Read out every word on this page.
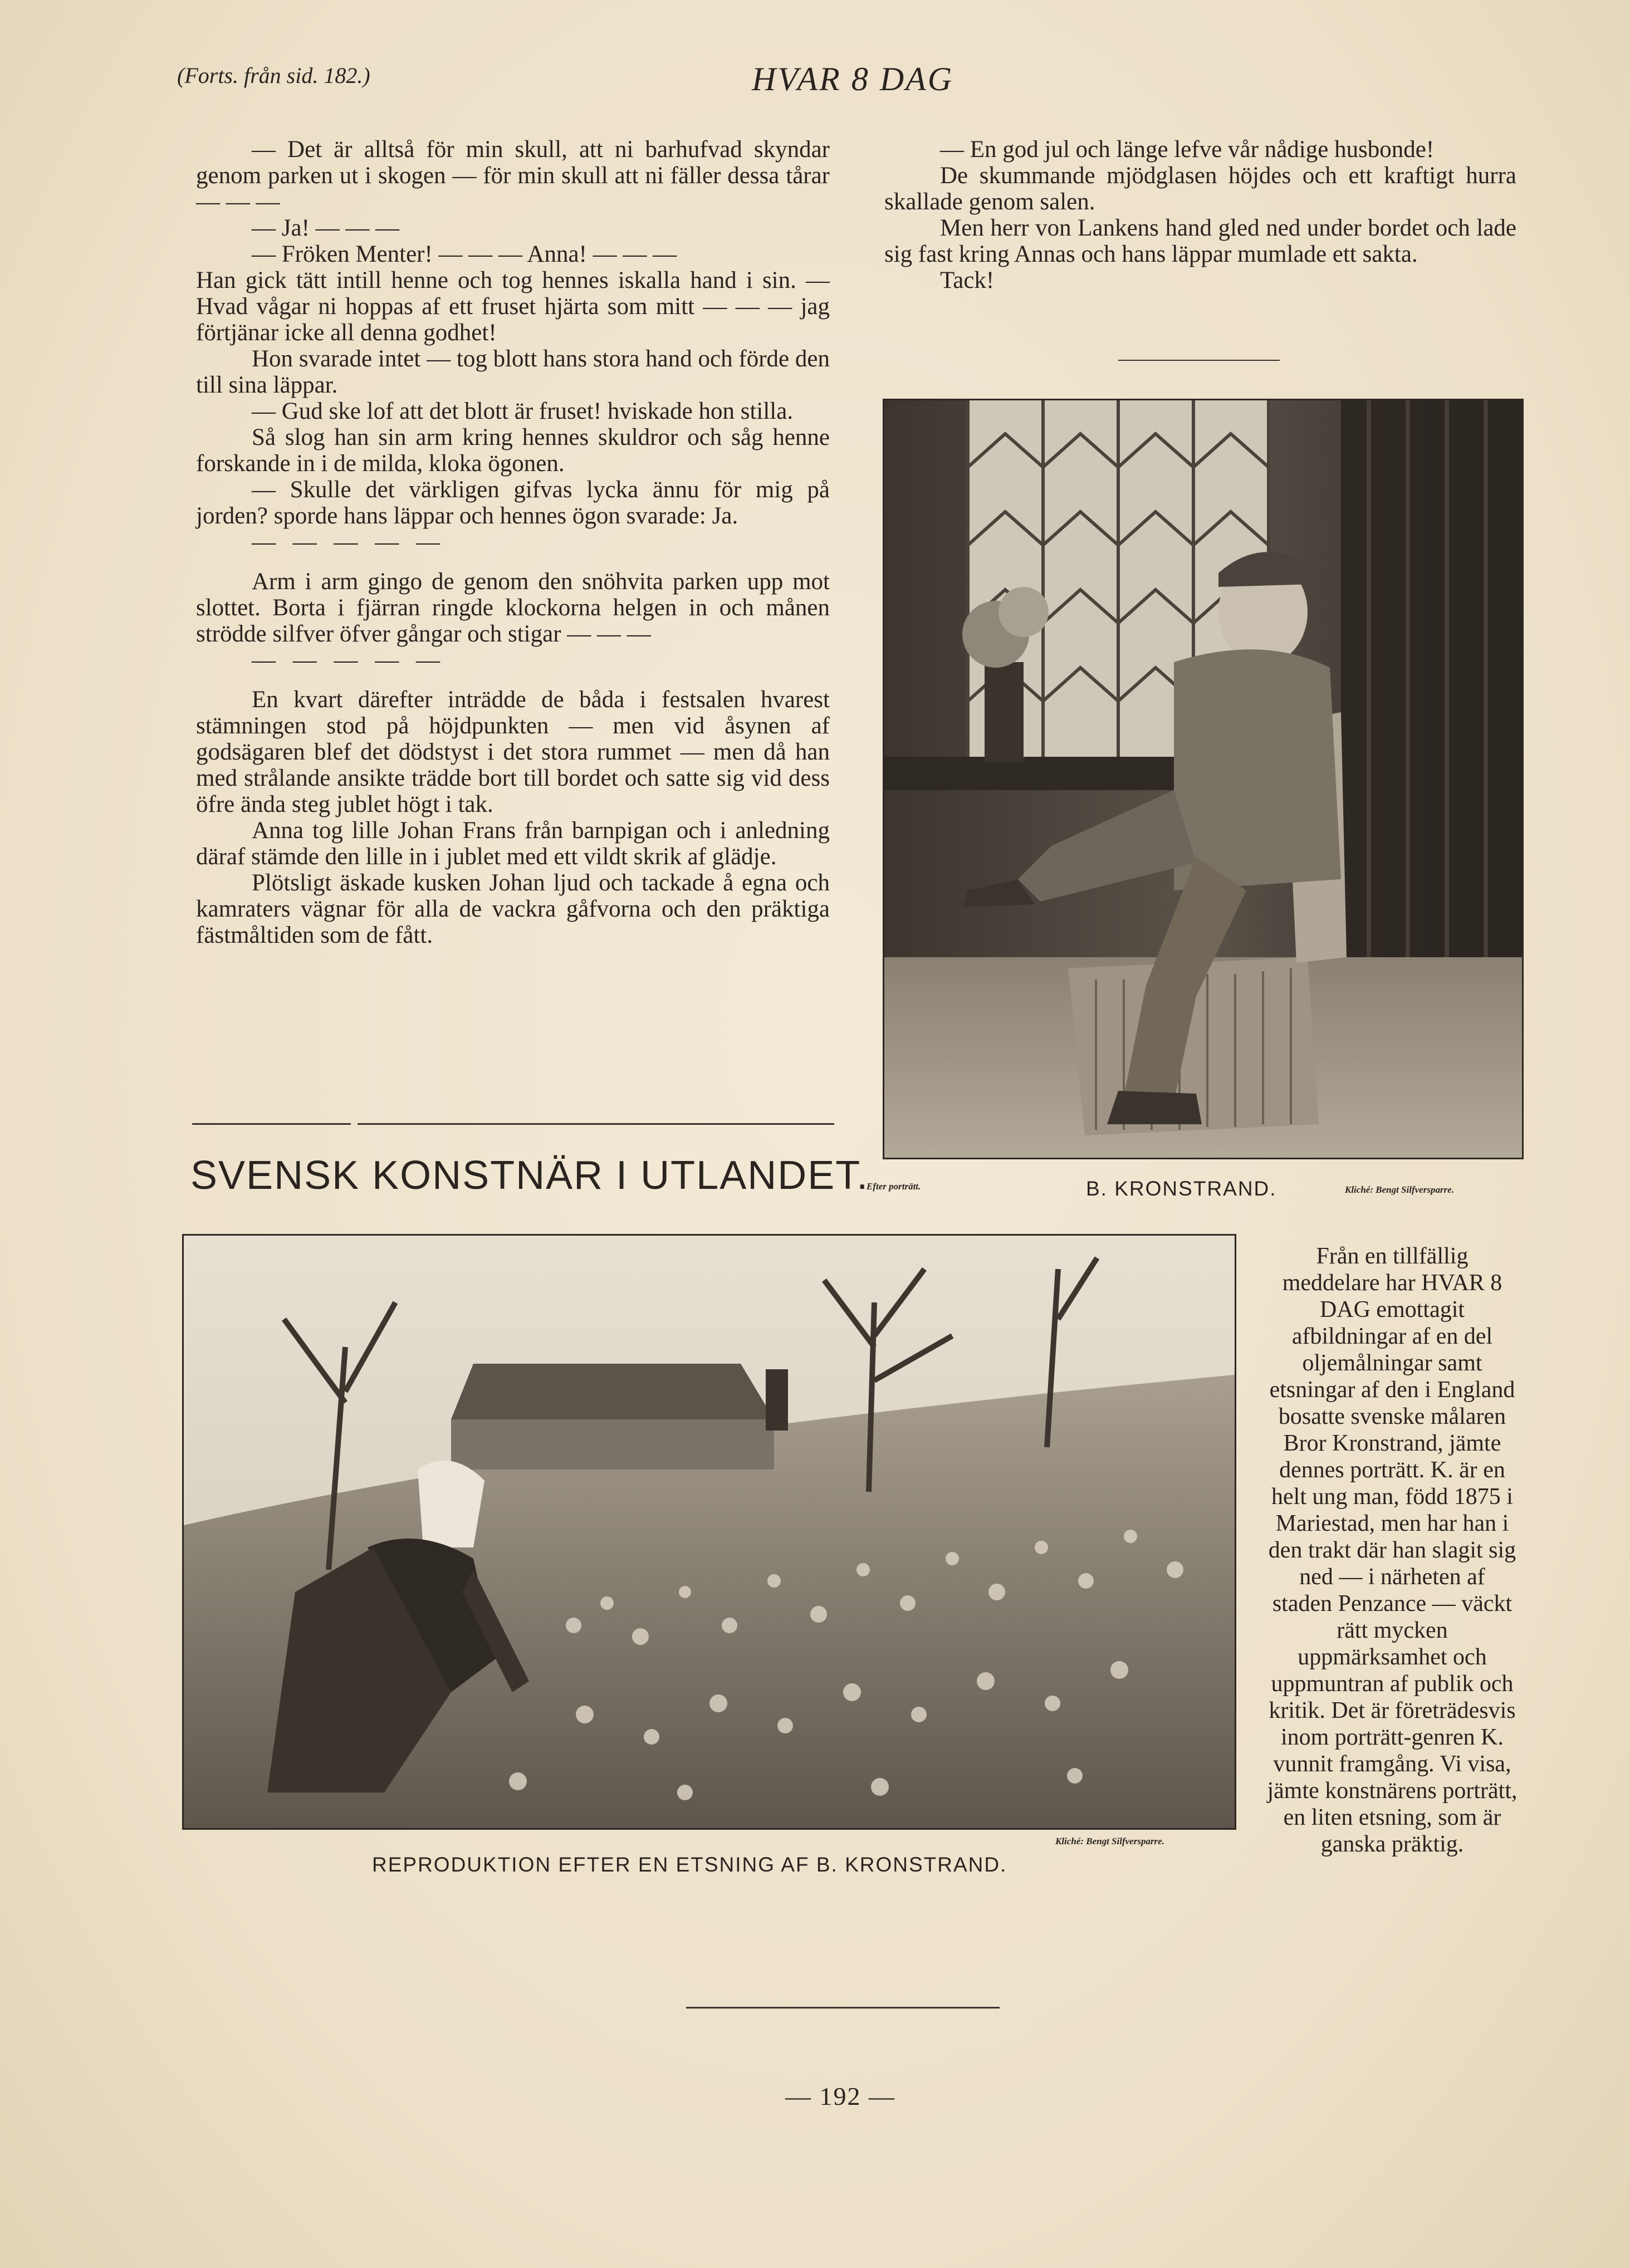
(Forts. från sid. 182.)	HVAR 8 DAG

— Det är alltså för min skull, att ni barhufvad skyndar genom parken ut i skogen — för min skull att ni fäller dessa tårar — — —

— Ja! — — —

— Fröken Menter! — — — Anna! — — —

Han gick tätt intill henne och tog hennes iskalla hand i sin. — Hvad vågar ni hoppas af ett fruset hjärta som mitt — — — jag förtjänar icke all denna godhet!

Hon svarade intet — tog blott hans stora hand och förde den till sina läppar.

— Gud ske lof att det blott är fruset! hviskade hon stilla.

Så slog han sin arm kring hennes skuldror och såg henne forskande in i de milda, kloka ögonen.

— Skulle det värkligen gifvas lycka ännu för mig på jorden? sporde hans läppar och hennes ögon svarade: Ja.

— — — — —

Arm i arm gingo de genom den snöhvita parken upp mot slottet. Borta i fjärran ringde klockorna helgen in och månen strödde silfver öfver gångar och stigar — — —

— — — — —

En kvart därefter inträdde de båda i festsalen hvarest stämningen stod på höjdpunkten — men vid åsynen af godsägaren blef det dödstyst i det stora rummet — men då han med strålande ansikte trädde bort till bordet och satte sig vid dess öfre ända steg jublet högt i tak.

Anna tog lille Johan Frans från barnpigan och i anledning däraf stämde den lille in i jublet med ett vildt skrik af glädje.

Plötsligt äskade kusken Johan ljud och tackade å egna och kamraters vägnar för alla de vackra gåfvorna och den präktiga fästmåltiden som de fått.

— En god jul och länge lefve vår nådige husbonde!

De skummande mjödglasen höjdes och ett kraftigt hurra skallade genom salen.

Men herr von Lankens hand gled ned under bordet och lade sig fast kring Annas och hans läppar mumlade ett sakta.

Tack!

Efter porträtt.	B. KRONSTRAND.	Kliché: Bengt Silfversparre.
SVENSK KONSTNÄR I UTLANDET.
Kliché: Bengt Silfversparre.
REPRODUKTION EFTER EN ETSNING AF B. KRONSTRAND.

Från en tillfällig meddelare har HVAR 8 DAG emottagit afbildningar af en del oljemålningar samt etsningar af den i England bosatte svenske målaren Bror Kronstrand, jämte dennes porträtt. K. är en helt ung man, född 1875 i Mariestad, men har han i den trakt där han slagit sig ned — i närheten af staden Penzance — väckt rätt mycken uppmärksamhet och uppmuntran af publik och kritik. Det är företrädesvis inom porträtt-genren K. vunnit framgång. Vi visa, jämte konstnärens porträtt, en liten etsning, som är ganska präktig.

— 192 —
